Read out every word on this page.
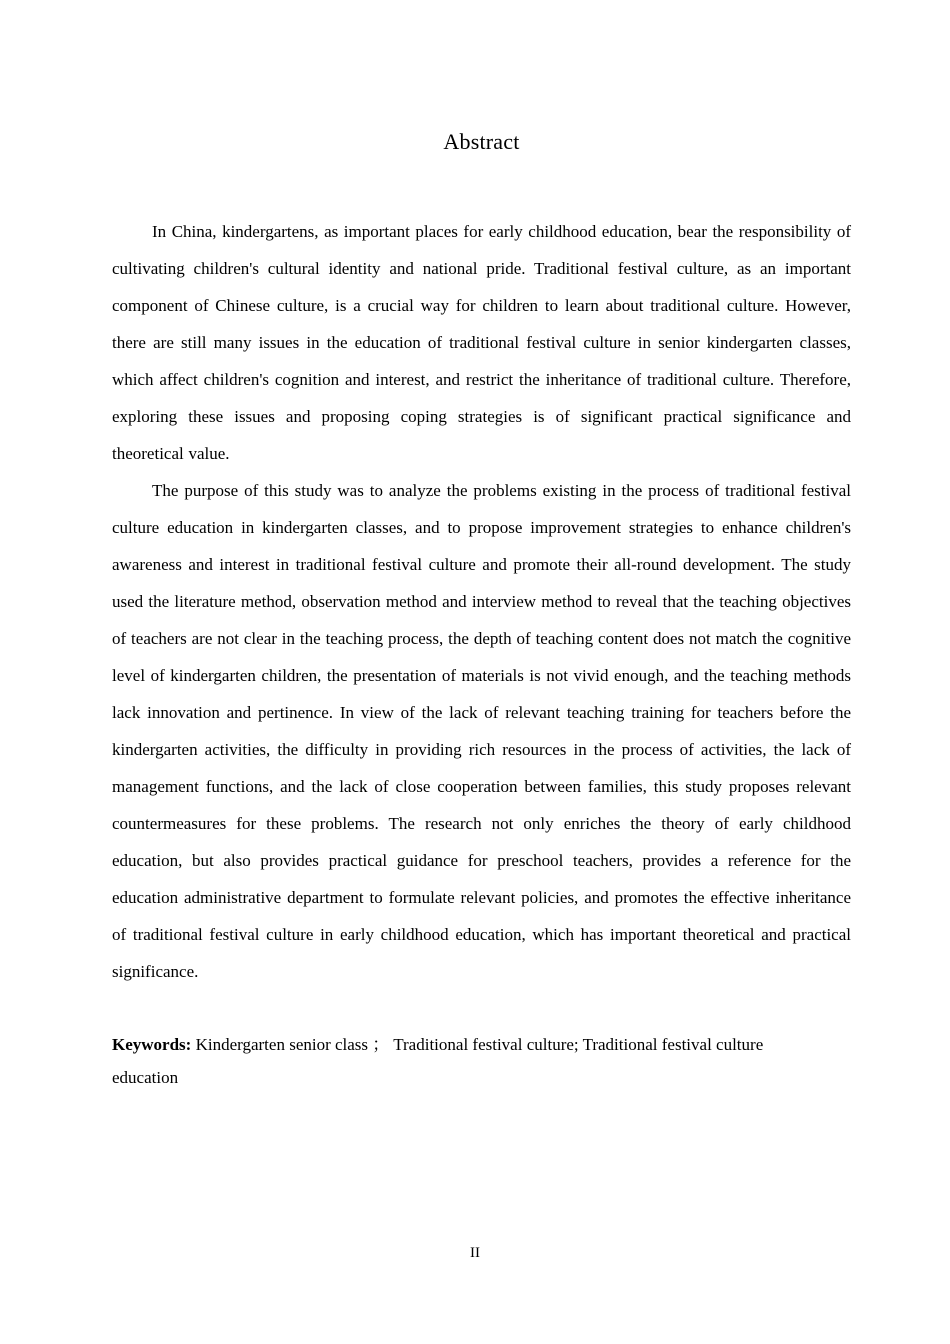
Abstract

In China, kindergartens, as important places for early childhood education, bear the responsibility of cultivating children's cultural identity and national pride. Traditional festival culture, as an important component of Chinese culture, is a crucial way for children to learn about traditional culture. However, there are still many issues in the education of traditional festival culture in senior kindergarten classes, which affect children's cognition and interest, and restrict the inheritance of traditional culture. Therefore, exploring these issues and proposing coping strategies is of significant practical significance and theoretical value.

The purpose of this study was to analyze the problems existing in the process of traditional festival culture education in kindergarten classes, and to propose improvement strategies to enhance children's awareness and interest in traditional festival culture and promote their all-round development. The study used the literature method, observation method and interview method to reveal that the teaching objectives of teachers are not clear in the teaching process, the depth of teaching content does not match the cognitive level of kindergarten children, the presentation of materials is not vivid enough, and the teaching methods lack innovation and pertinence. In view of the lack of relevant teaching training for teachers before the kindergarten activities, the difficulty in providing rich resources in the process of activities, the lack of management functions, and the lack of close cooperation between families, this study proposes relevant countermeasures for these problems. The research not only enriches the theory of early childhood education, but also provides practical guidance for preschool teachers, provides a reference for the education administrative department to formulate relevant policies, and promotes the effective inheritance of traditional festival culture in early childhood education, which has important theoretical and practical significance.

Keywords: Kindergarten senior class ； Traditional festival culture; Traditional festival culture education
II
